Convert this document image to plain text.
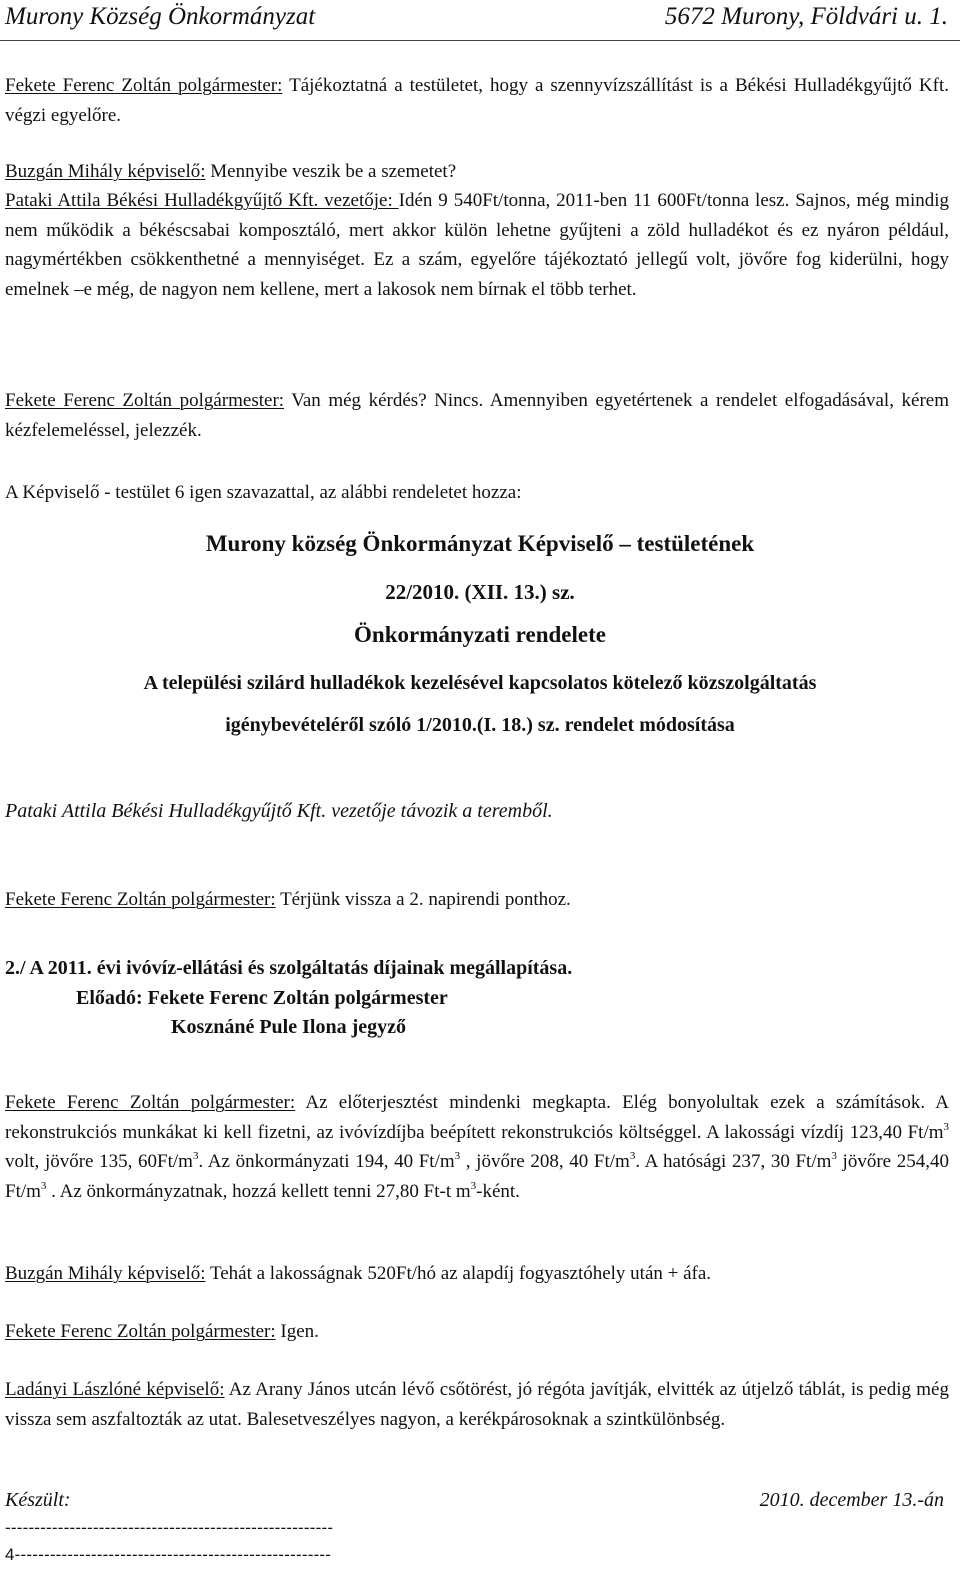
Murony Község Önkormányzat	5672 Murony, Földvári u. 1.

Fekete Ferenc Zoltán polgármester: Tájékoztatná a testületet, hogy a szennyvízszállítást is a Békési Hulladékgyűjtő Kft. végzi egyelőre.

Buzgán Mihály képviselő: Mennyibe veszik be a szemetet?

Pataki Attila Békési Hulladékgyűjtő Kft. vezetője: Idén 9 540Ft/tonna, 2011-ben 11 600Ft/tonna lesz. Sajnos, még mindig nem működik a békéscsabai komposztáló, mert akkor külön lehetne gyűjteni a zöld hulladékot és ez nyáron például, nagymértékben csökkenthetné a mennyiséget. Ez a szám, egyelőre tájékoztató jellegű volt, jövőre fog kiderülni, hogy emelnek –e még, de nagyon nem kellene, mert a lakosok nem bírnak el több terhet.

Fekete Ferenc Zoltán polgármester: Van még kérdés? Nincs. Amennyiben egyetértenek a rendelet elfogadásával, kérem kézfelemeléssel, jelezzék.

A Képviselő - testület 6 igen szavazattal, az alábbi rendeletet hozza:

Murony község Önkormányzat Képviselő – testületének

22/2010. (XII. 13.) sz.

Önkormányzati rendelete

A települési szilárd hulladékok kezelésével kapcsolatos kötelező közszolgáltatás

igénybevételéről szóló 1/2010.(I. 18.) sz. rendelet módosítása

Pataki Attila Békési Hulladékgyűjtő Kft. vezetője távozik a teremből.

Fekete Ferenc Zoltán polgármester: Térjünk vissza a 2. napirendi ponthoz.

2./ A 2011. évi ivóvíz-ellátási és szolgáltatás díjainak megállapítása.
Előadó: Fekete Ferenc Zoltán polgármester
Kosznáné Pule Ilona jegyző

Fekete Ferenc Zoltán polgármester: Az előterjesztést mindenki megkapta. Elég bonyolultak ezek a számítások. A rekonstrukciós munkákat ki kell fizetni, az ivóvízdíjba beépített rekonstrukciós költséggel. A lakossági vízdíj 123,40 $Ft/m^3$ volt, jövőre 135, $60Ft/m^3$. Az önkormányzati 194, 40 $Ft/m^3$ , jövőre 208, 40 $Ft/m^3$. A hatósági 237, 30 $Ft/m^3$ jövőre 254,40 $Ft/m^3$ . Az önkormányzatnak, hozzá kellett tenni 27,80 Ft-t $m^3$-ként.

Buzgán Mihály képviselő: Tehát a lakosságnak 520Ft/hó az alapdíj fogyasztóhely után + áfa.

Fekete Ferenc Zoltán polgármester: Igen.

Ladányi Lászlóné képviselő: Az Arany János utcán lévő csőtörést, jó régóta javítják, elvitték az útjelző táblát, is pedig még vissza sem aszfaltozták az utat. Balesetveszélyes nagyon, a kerékpárosoknak a szintkülönbség.

Készült:	2010. december 13.-án
--------------------------------------------------------
4------------------------------------------------------
